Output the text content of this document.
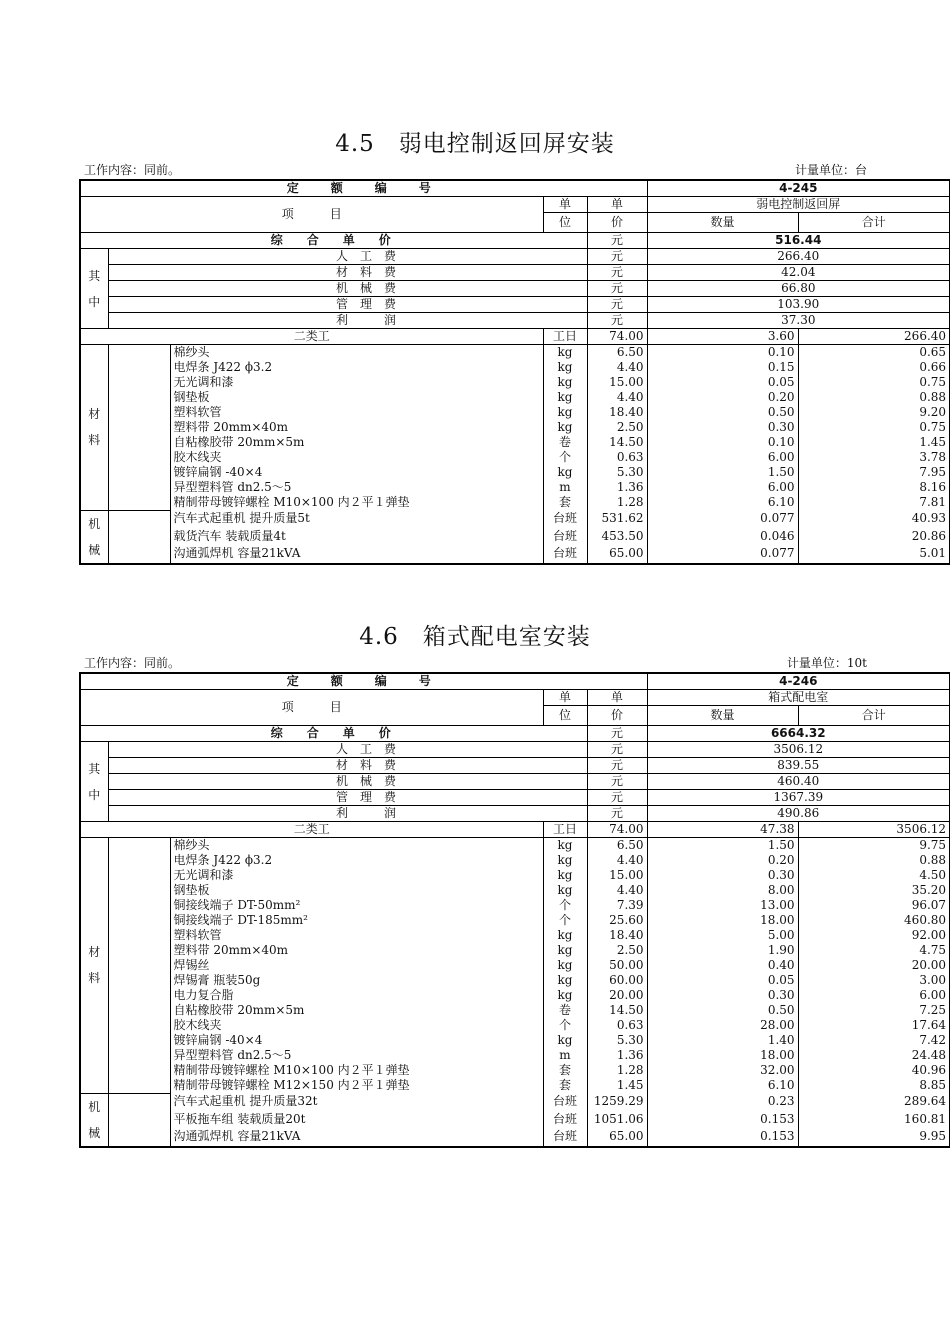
4.5　弱电控制返回屏安装
工作内容：同前。	计量单位：台
定　额　编　号					4-245	
项　　　目			单	单	弱电控制返回屏	
			位	价	数量	合计
综　合　单　价				元	516.44	
其中	人　工　费			元	266.40	
	材　料　费			元	42.04	
	机　械　费			元	66.80	
	管　理　费			元	103.90	
	利　　　润			元	37.30	
二类工			工日	74.00	3.60	266.40
材料		棉纱头	kg	6.50	0.10	0.65
		电焊条 J422 ϕ3.2	kg	4.40	0.15	0.66
		无光调和漆	kg	15.00	0.05	0.75
		钢垫板	kg	4.40	0.20	0.88
		塑料软管	kg	18.40	0.50	9.20
		塑料带 20mm×40m	kg	2.50	0.30	0.75
		自粘橡胶带 20mm×5m	卷	14.50	0.10	1.45
		胶木线夹	个	0.63	6.00	3.78
		镀锌扁钢 -40×4	kg	5.30	1.50	7.95
		异型塑料管 dn2.5～5	m	1.36	6.00	8.16
		精制带母镀锌螺栓 M10×100 内２平１弹垫	套	1.28	6.10	7.81
机械		汽车式起重机 提升质量5t	台班	531.62	0.077	40.93
		载货汽车 装载质量4t	台班	453.50	0.046	20.86
		沟通弧焊机 容量21kVA	台班	65.00	0.077	5.01
4.6　箱式配电室安装
工作内容：同前。	计量单位：10t
定　额　编　号					4-246	
项　　　目			单	单	箱式配电室	
			位	价	数量	合计
综　合　单　价				元	6664.32	
其中	人　工　费			元	3506.12	
	材　料　费			元	839.55	
	机　械　费			元	460.40	
	管　理　费			元	1367.39	
	利　　　润			元	490.86	
二类工			工日	74.00	47.38	3506.12
材料		棉纱头	kg	6.50	1.50	9.75
		电焊条 J422 ϕ3.2	kg	4.40	0.20	0.88
		无光调和漆	kg	15.00	0.30	4.50
		钢垫板	kg	4.40	8.00	35.20
		铜接线端子 DT-50mm²	个	7.39	13.00	96.07
		铜接线端子 DT-185mm²	个	25.60	18.00	460.80
		塑料软管	kg	18.40	5.00	92.00
		塑料带 20mm×40m	kg	2.50	1.90	4.75
		焊锡丝	kg	50.00	0.40	20.00
		焊锡膏 瓶装50g	kg	60.00	0.05	3.00
		电力复合脂	kg	20.00	0.30	6.00
		自粘橡胶带 20mm×5m	卷	14.50	0.50	7.25
		胶木线夹	个	0.63	28.00	17.64
		镀锌扁钢 -40×4	kg	5.30	1.40	7.42
		异型塑料管 dn2.5～5	m	1.36	18.00	24.48
		精制带母镀锌螺栓 M10×100 内２平１弹垫	套	1.28	32.00	40.96
		精制带母镀锌螺栓 M12×150 内２平１弹垫	套	1.45	6.10	8.85
机械		汽车式起重机 提升质量32t	台班	1259.29	0.23	289.64
		平板拖车组 装载质量20t	台班	1051.06	0.153	160.81
		沟通弧焊机 容量21kVA	台班	65.00	0.153	9.95
